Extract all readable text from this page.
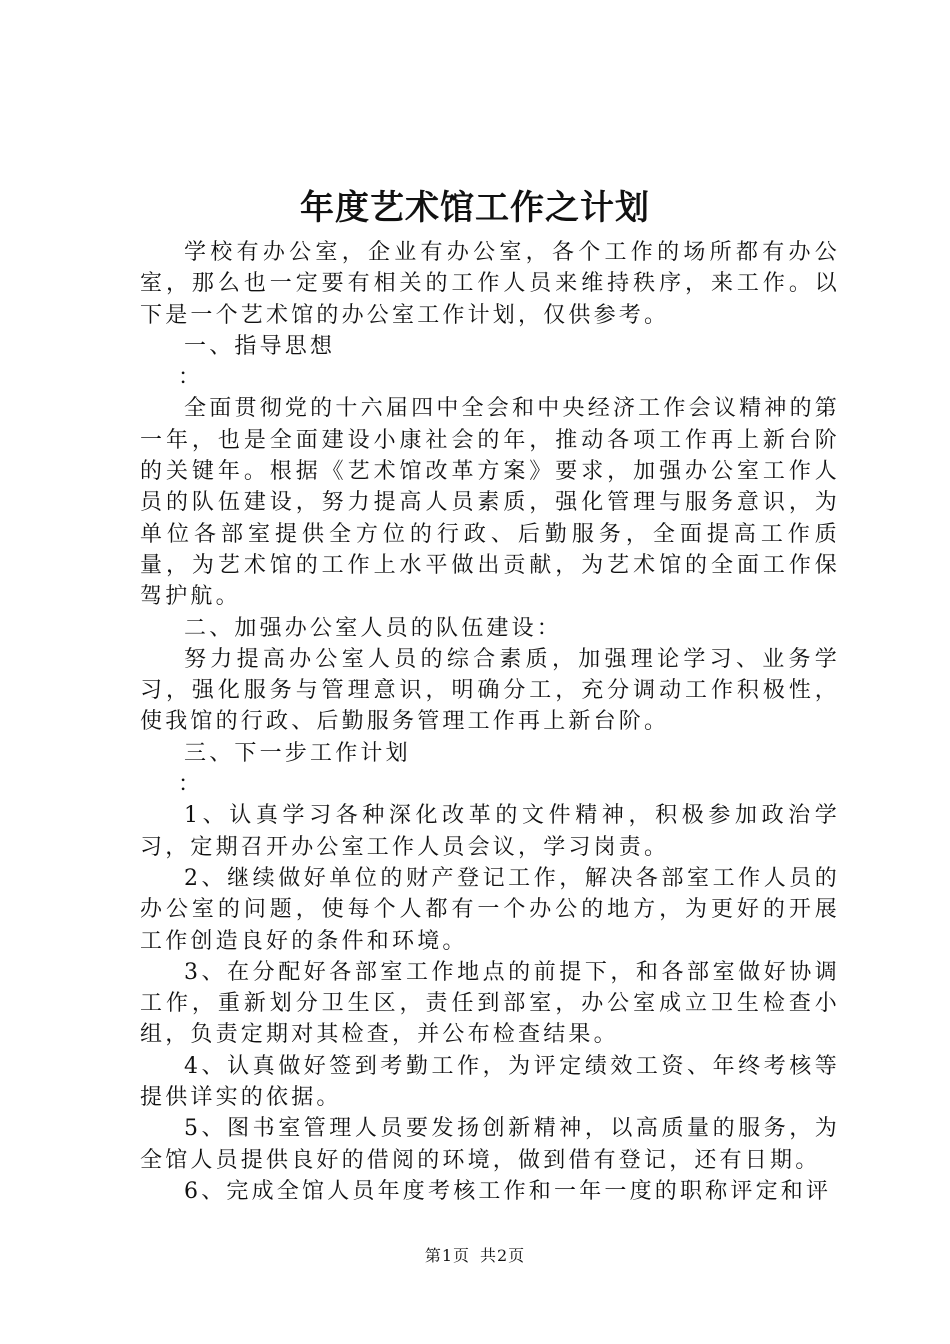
年度艺术馆工作之计划

学校有办公室，企业有办公室，各个工作的场所都有办公室，那么也一定要有相关的工作人员来维持秩序，来工作。以下是一个艺术馆的办公室工作计划，仅供参考。

一、指导思想

：

全面贯彻党的十六届四中全会和中央经济工作会议精神的第一年，也是全面建设小康社会的年，推动各项工作再上新台阶的关键年。根据《艺术馆改革方案》要求，加强办公室工作人员的队伍建设，努力提高人员素质，强化管理与服务意识，为单位各部室提供全方位的行政、后勤服务，全面提高工作质量，为艺术馆的工作上水平做出贡献，为艺术馆的全面工作保驾护航。

二、加强办公室人员的队伍建设：

努力提高办公室人员的综合素质，加强理论学习、业务学习，强化服务与管理意识，明确分工，充分调动工作积极性，使我馆的行政、后勤服务管理工作再上新台阶。

三、下一步工作计划

：

1、认真学习各种深化改革的文件精神，积极参加政治学习，定期召开办公室工作人员会议，学习岗责。

2、继续做好单位的财产登记工作，解决各部室工作人员的办公室的问题，使每个人都有一个办公的地方，为更好的开展工作创造良好的条件和环境。

3、在分配好各部室工作地点的前提下，和各部室做好协调工作，重新划分卫生区，责任到部室，办公室成立卫生检查小组，负责定期对其检查，并公布检查结果。

4、认真做好签到考勤工作，为评定绩效工资、年终考核等提供详实的依据。

5、图书室管理人员要发扬创新精神，以高质量的服务，为全馆人员提供良好的借阅的环境，做到借有登记，还有日期。

6、完成全馆人员年度考核工作和一年一度的职称评定和评

第1页 共2页
